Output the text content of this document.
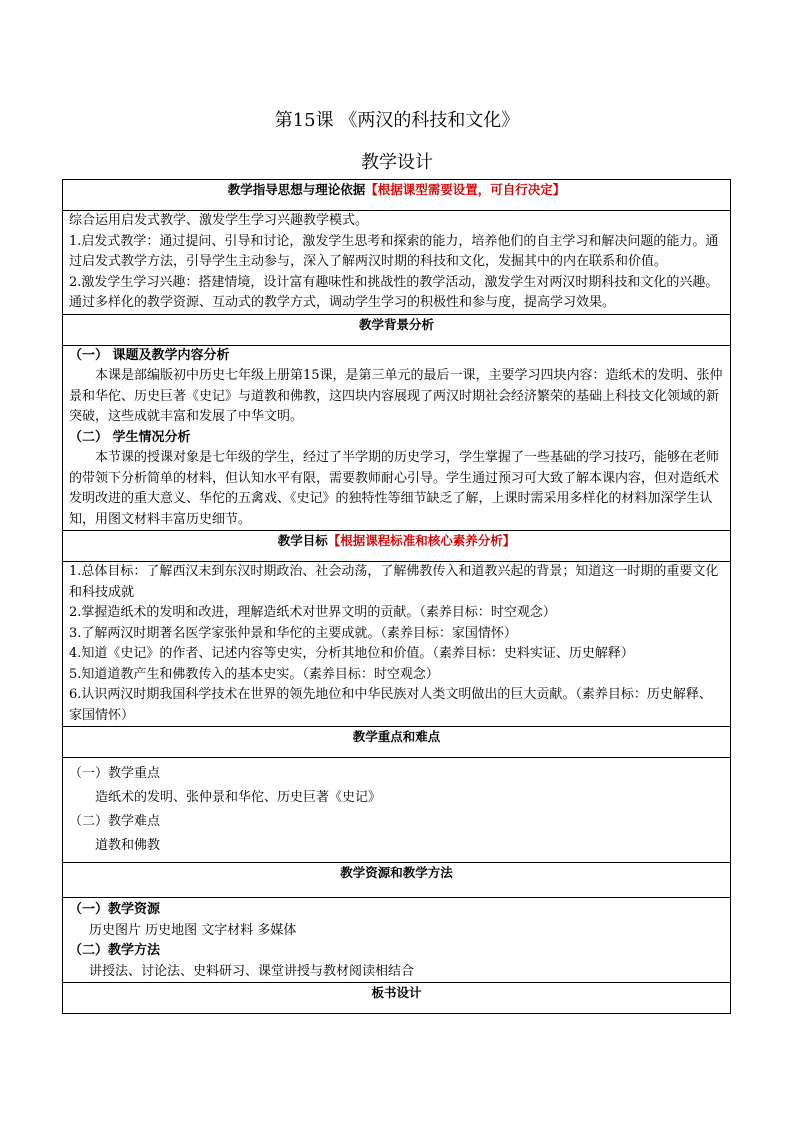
第15课 《两汉的科技和文化》
教学设计
教学指导思想与理论依据【根据课型需要设置，可自行决定】

综合运用启发式教学、激发学生学习兴趣教学模式。

1.启发式教学：通过提问、引导和讨论，激发学生思考和探索的能力，培养他们的自主学习和解决问题的能力。通过启发式教学方法，引导学生主动参与，深入了解两汉时期的科技和文化，发掘其中的内在联系和价值。

2.激发学生学习兴趣：搭建情境，设计富有趣味性和挑战性的教学活动，激发学生对两汉时期科技和文化的兴趣。通过多样化的教学资源、互动式的教学方式，调动学生学习的积极性和参与度，提高学习效果。

教学背景分析

（一） 课题及教学内容分析

本课是部编版初中历史七年级上册第15课，是第三单元的最后一课，主要学习四块内容：造纸术的发明、张仲景和华佗、历史巨著《史记》与道教和佛教，这四块内容展现了两汉时期社会经济繁荣的基础上科技文化领域的新突破，这些成就丰富和发展了中华文明。

（二） 学生情况分析

本节课的授课对象是七年级的学生，经过了半学期的历史学习，学生掌握了一些基础的学习技巧，能够在老师的带领下分析简单的材料，但认知水平有限，需要教师耐心引导。学生通过预习可大致了解本课内容，但对造纸术发明改进的重大意义、华佗的五禽戏、《史记》的独特性等细节缺乏了解，上课时需采用多样化的材料加深学生认知，用图文材料丰富历史细节。

教学目标【根据课程标准和核心素养分析】

1.总体目标：了解西汉末到东汉时期政治、社会动荡，了解佛教传入和道教兴起的背景；知道这一时期的重要文化和科技成就

2.掌握造纸术的发明和改进，理解造纸术对世界文明的贡献。（素养目标：时空观念）

3.了解两汉时期著名医学家张仲景和华佗的主要成就。（素养目标：家国情怀）

4.知道《史记》的作者、记述内容等史实，分析其地位和价值。（素养目标：史料实证、历史解释）

5.知道道教产生和佛教传入的基本史实。（素养目标：时空观念）

6.认识两汉时期我国科学技术在世界的领先地位和中华民族对人类文明做出的巨大贡献。（素养目标：历史解释、家国情怀）

教学重点和难点

（一）教学重点

造纸术的发明、张仲景和华佗、历史巨著《史记》

（二）教学难点

道教和佛教

教学资源和教学方法

（一）教学资源

历史图片 历史地图 文字材料 多媒体

（二）教学方法

讲授法、讨论法、史料研习、课堂讲授与教材阅读相结合

板书设计
